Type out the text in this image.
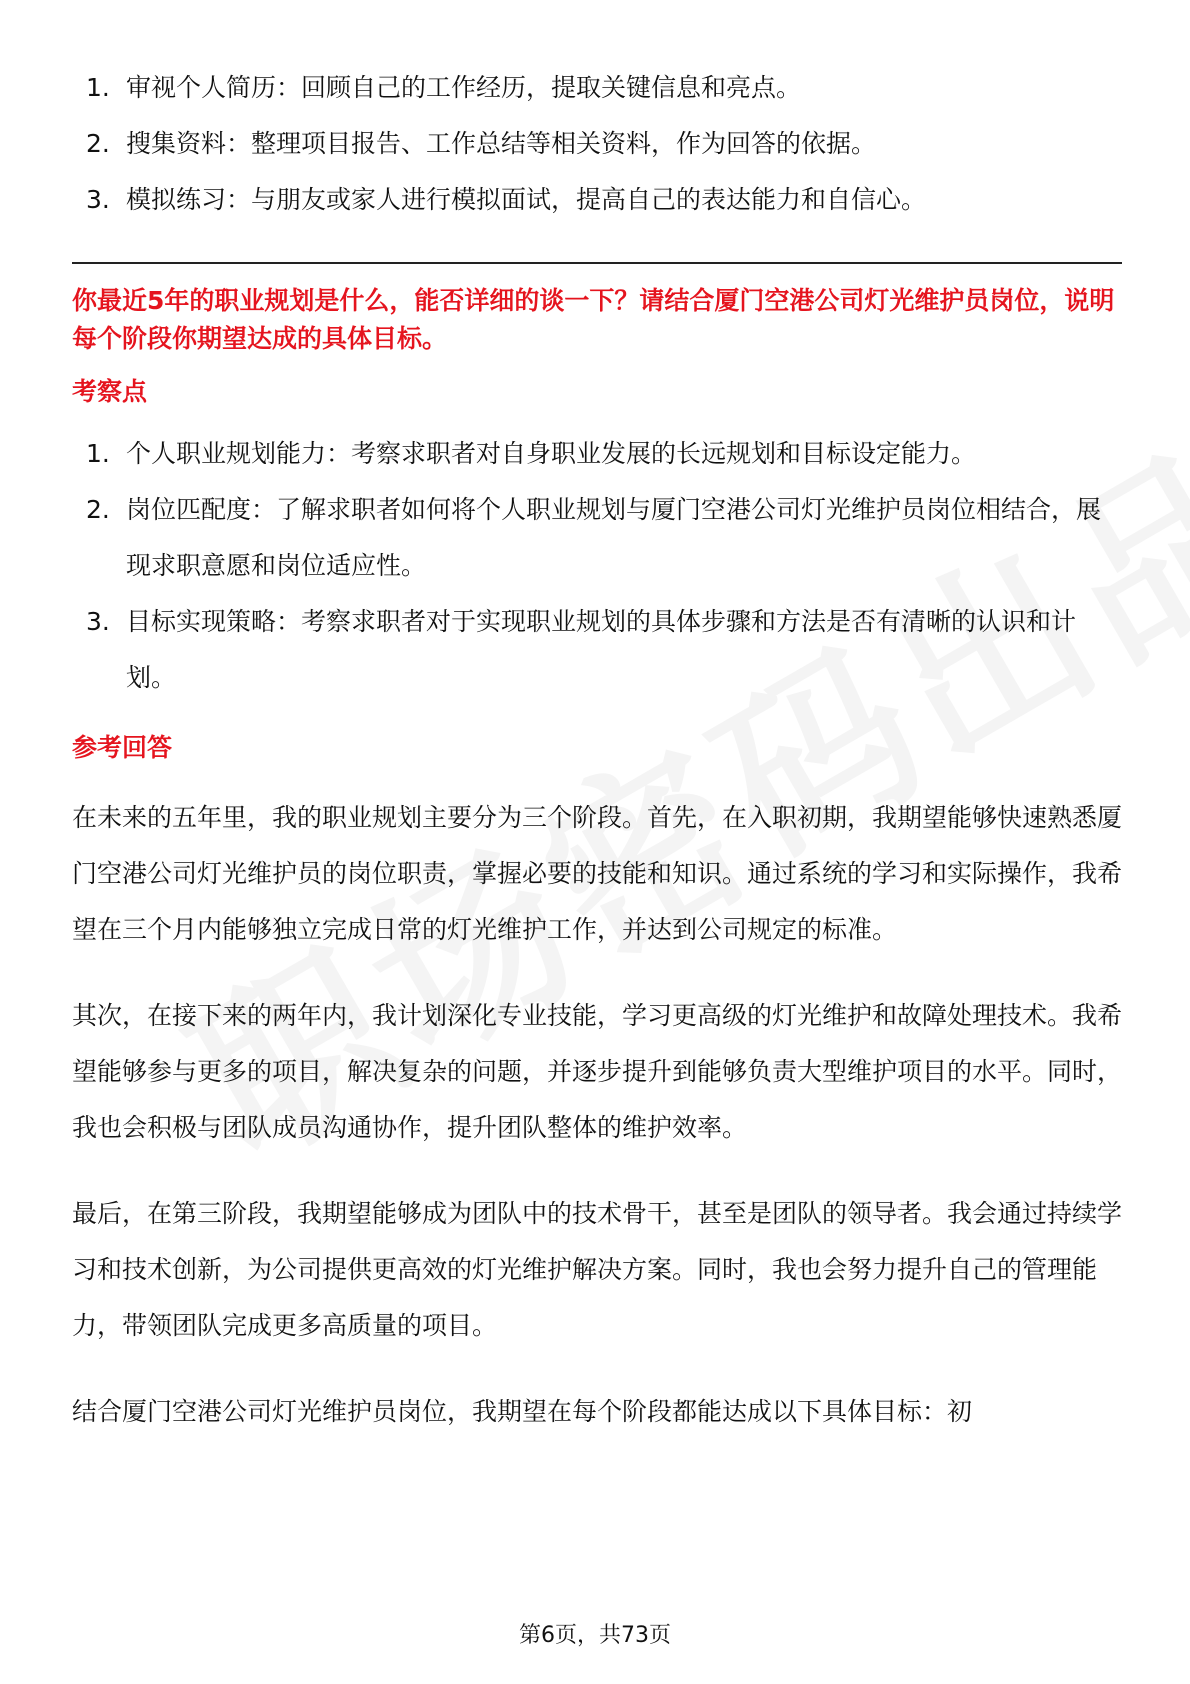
1. 审视个人简历：回顾自己的工作经历，提取关键信息和亮点。
2. 搜集资料：整理项目报告、工作总结等相关资料，作为回答的依据。
3. 模拟练习：与朋友或家人进行模拟面试，提高自己的表达能力和自信心。

你最近5年的职业规划是什么，能否详细的谈一下？请结合厦门空港公司灯光维护员岗位，说明每个阶段你期望达成的具体目标。

考察点
1. 个人职业规划能力：考察求职者对自身职业发展的长远规划和目标设定能力。
2. 岗位匹配度：了解求职者如何将个人职业规划与厦门空港公司灯光维护员岗位相结合，展现求职意愿和岗位适应性。
3. 目标实现策略：考察求职者对于实现职业规划的具体步骤和方法是否有清晰的认识和计划。
参考回答

在未来的五年里，我的职业规划主要分为三个阶段。首先，在入职初期，我期望能够快速熟悉厦门空港公司灯光维护员的岗位职责，掌握必要的技能和知识。通过系统的学习和实际操作，我希望在三个月内能够独立完成日常的灯光维护工作，并达到公司规定的标准。

其次，在接下来的两年内，我计划深化专业技能，学习更高级的灯光维护和故障处理技术。我希望能够参与更多的项目，解决复杂的问题，并逐步提升到能够负责大型维护项目的水平。同时，我也会积极与团队成员沟通协作，提升团队整体的维护效率。

最后，在第三阶段，我期望能够成为团队中的技术骨干，甚至是团队的领导者。我会通过持续学习和技术创新，为公司提供更高效的灯光维护解决方案。同时，我也会努力提升自己的管理能力，带领团队完成更多高质量的项目。

结合厦门空港公司灯光维护员岗位，我期望在每个阶段都能达成以下具体目标：初

第6页，共73页
